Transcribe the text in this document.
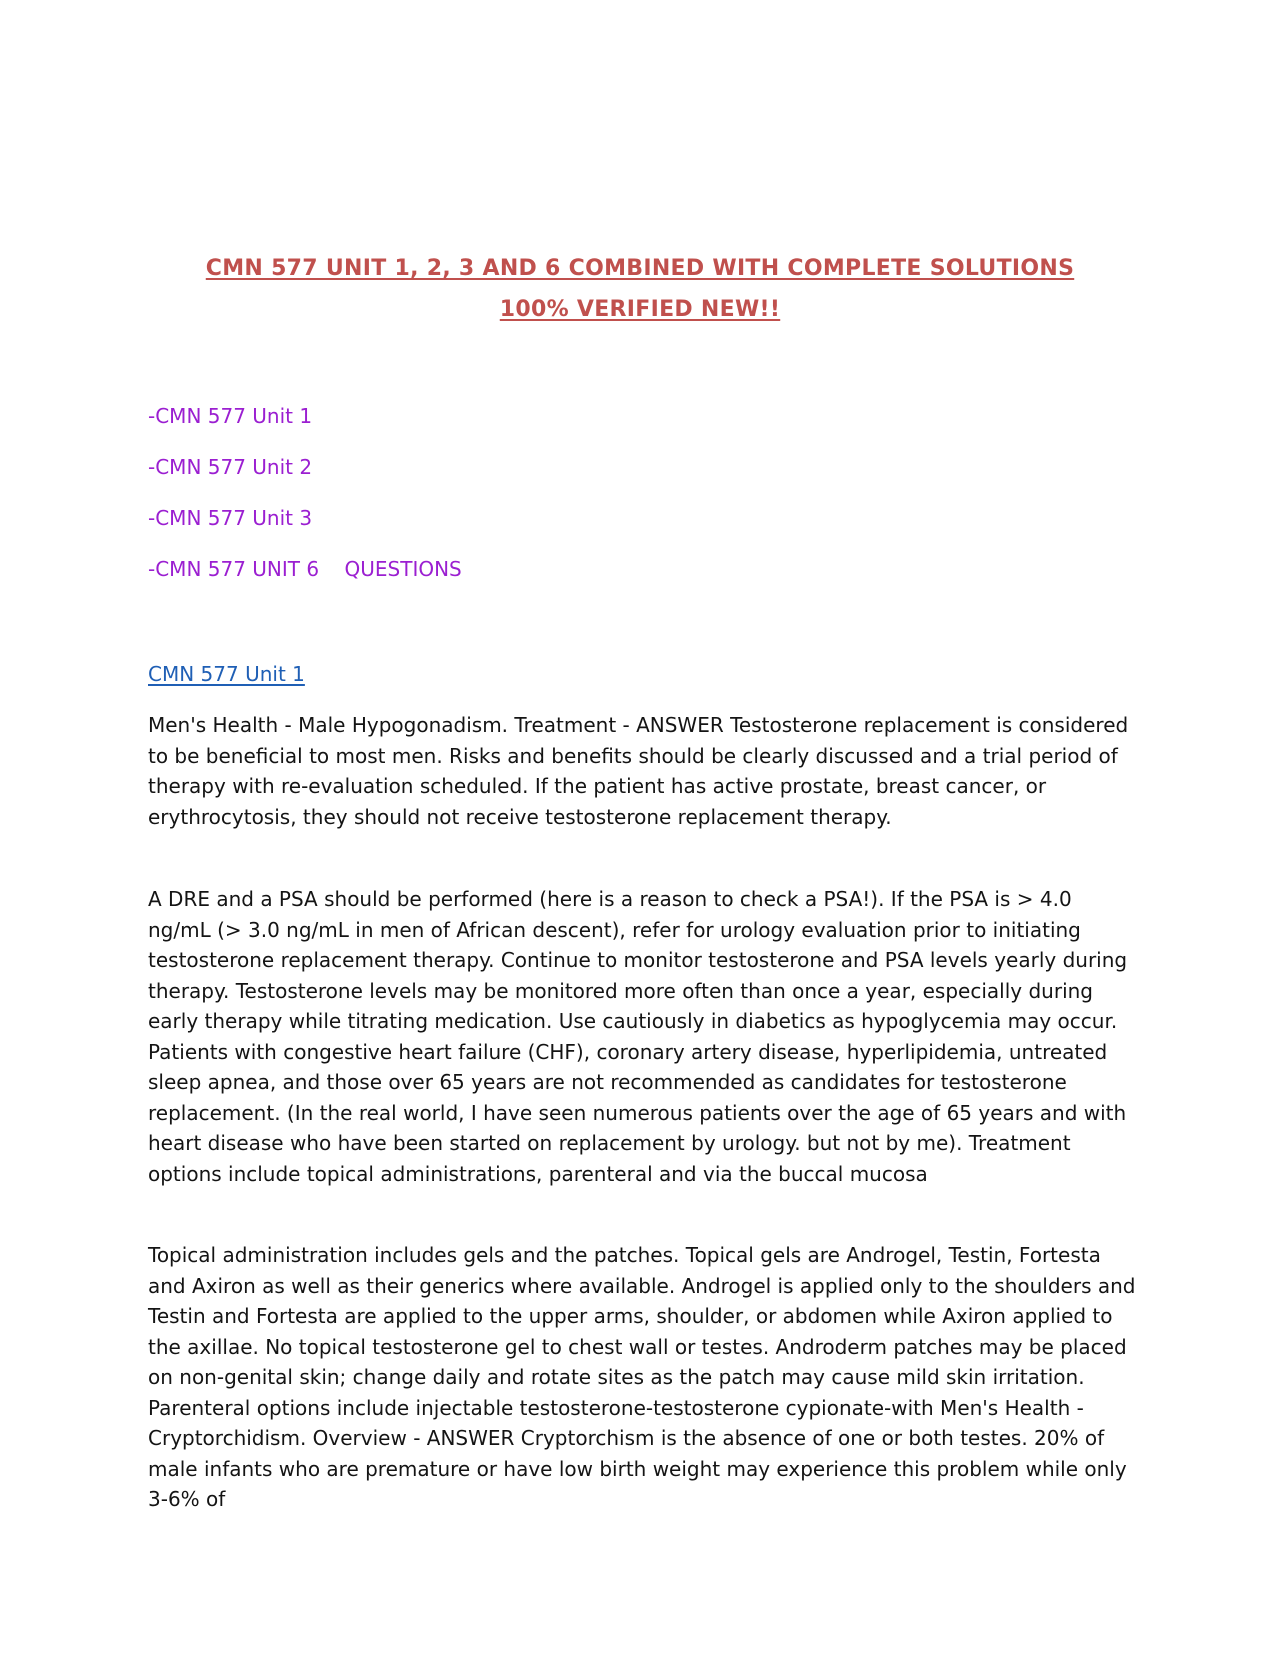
CMN 577 UNIT 1, 2, 3 AND 6 COMBINED WITH COMPLETE SOLUTIONS
100% VERIFIED NEW!!
-CMN 577 Unit 1
-CMN 577 Unit 2
-CMN 577 Unit 3
-CMN 577 UNIT 6    QUESTIONS
CMN 577 Unit 1

Men's Health - Male Hypogonadism. Treatment - ANSWER Testosterone replacement is considered to be beneficial to most men. Risks and benefits should be clearly discussed and a trial period of therapy with re-evaluation scheduled. If the patient has active prostate, breast cancer, or erythrocytosis, they should not receive testosterone replacement therapy.

A DRE and a PSA should be performed (here is a reason to check a PSA!). If the PSA is > 4.0 ng/mL (> 3.0 ng/mL in men of African descent), refer for urology evaluation prior to initiating testosterone replacement therapy. Continue to monitor testosterone and PSA levels yearly during therapy. Testosterone levels may be monitored more often than once a year, especially during early therapy while titrating medication. Use cautiously in diabetics as hypoglycemia may occur. Patients with congestive heart failure (CHF), coronary artery disease, hyperlipidemia, untreated sleep apnea, and those over 65 years are not recommended as candidates for testosterone replacement. (In the real world, I have seen numerous patients over the age of 65 years and with heart disease who have been started on replacement by urology. but not by me). Treatment options include topical administrations, parenteral and via the buccal mucosa

Topical administration includes gels and the patches. Topical gels are Androgel, Testin, Fortesta and Axiron as well as their generics where available. Androgel is applied only to the shoulders and Testin and Fortesta are applied to the upper arms, shoulder, or abdomen while Axiron applied to the axillae. No topical testosterone gel to chest wall or testes. Androderm patches may be placed on non-genital skin; change daily and rotate sites as the patch may cause mild skin irritation. Parenteral options include injectable testosterone-testosterone cypionate-with Men's Health - Cryptorchidism. Overview - ANSWER Cryptorchism is the absence of one or both testes. 20% of male infants who are premature or have low birth weight may experience this problem while only 3-6% of
